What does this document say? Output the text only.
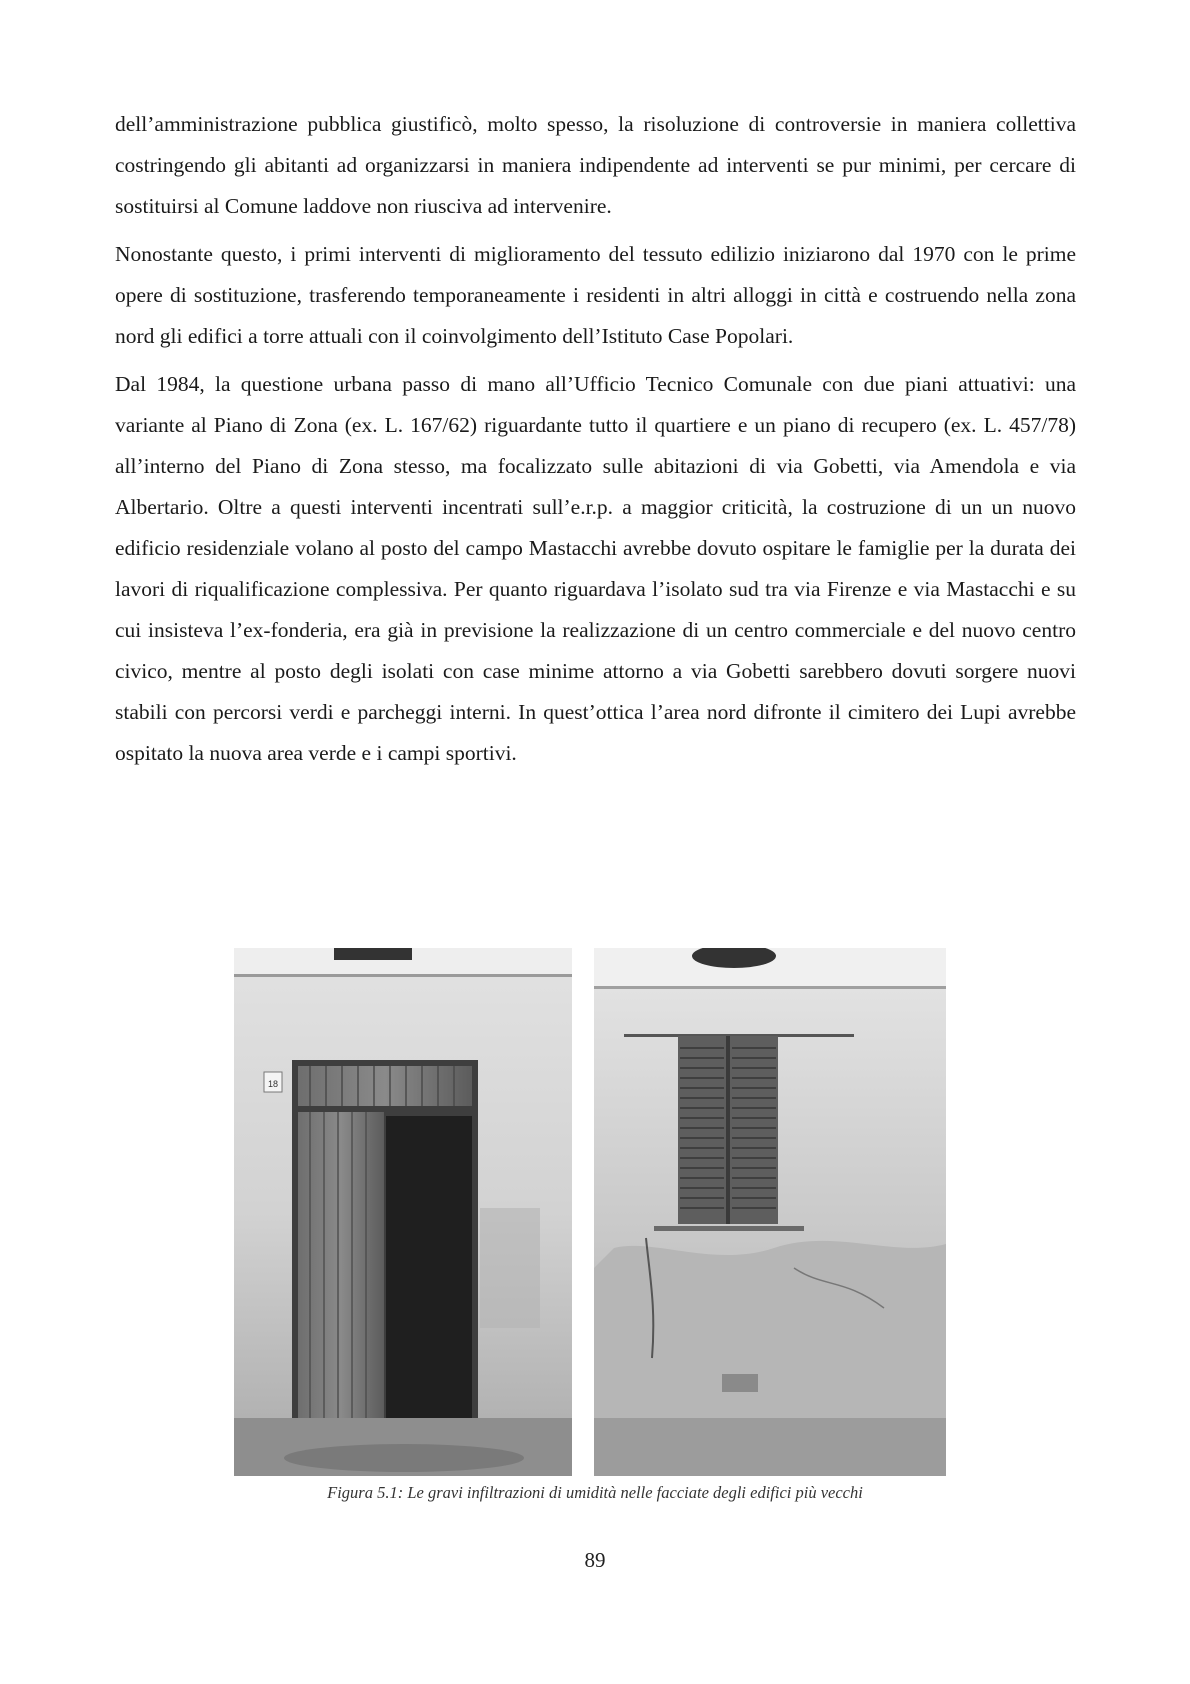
dell’amministrazione pubblica giustificò, molto spesso, la risoluzione di controversie in maniera collettiva costringendo gli abitanti ad organizzarsi in maniera indipendente ad interventi se pur minimi, per cercare di sostituirsi al Comune laddove non riusciva ad intervenire.

Nonostante questo, i primi interventi di miglioramento del tessuto edilizio iniziarono dal 1970 con le prime opere di sostituzione, trasferendo temporaneamente i residenti in altri alloggi in città e costruendo nella zona nord gli edifici a torre attuali con il coinvolgimento dell’Istituto Case Popolari.

Dal 1984, la questione urbana passo di mano all’Ufficio Tecnico Comunale con due piani attuativi: una variante al Piano di Zona (ex. L. 167/62) riguardante tutto il quartiere e un piano di recupero (ex. L. 457/78) all’interno del Piano di Zona stesso, ma focalizzato sulle abitazioni di via Gobetti, via Amendola e via Albertario. Oltre a questi interventi incentrati sull’e.r.p. a maggior criticità, la costruzione di un un nuovo edificio residenziale volano al posto del campo Mastacchi avrebbe dovuto ospitare le famiglie per la durata dei lavori di riqualificazione complessiva. Per quanto riguardava l’isolato sud tra via Firenze e via Mastacchi e su cui insisteva l’ex-fonderia, era già in previsione la realizzazione di un centro commerciale e del nuovo centro civico, mentre al posto degli isolati con case minime attorno a via Gobetti sarebbero dovuti sorgere nuovi stabili con percorsi verdi e parcheggi interni. In quest’ottica l’area nord difronte il cimitero dei Lupi avrebbe ospitato la nuova area verde e i campi sportivi.

18
Figura 5.1: Le gravi infiltrazioni di umidità nelle facciate degli edifici più vecchi
89
